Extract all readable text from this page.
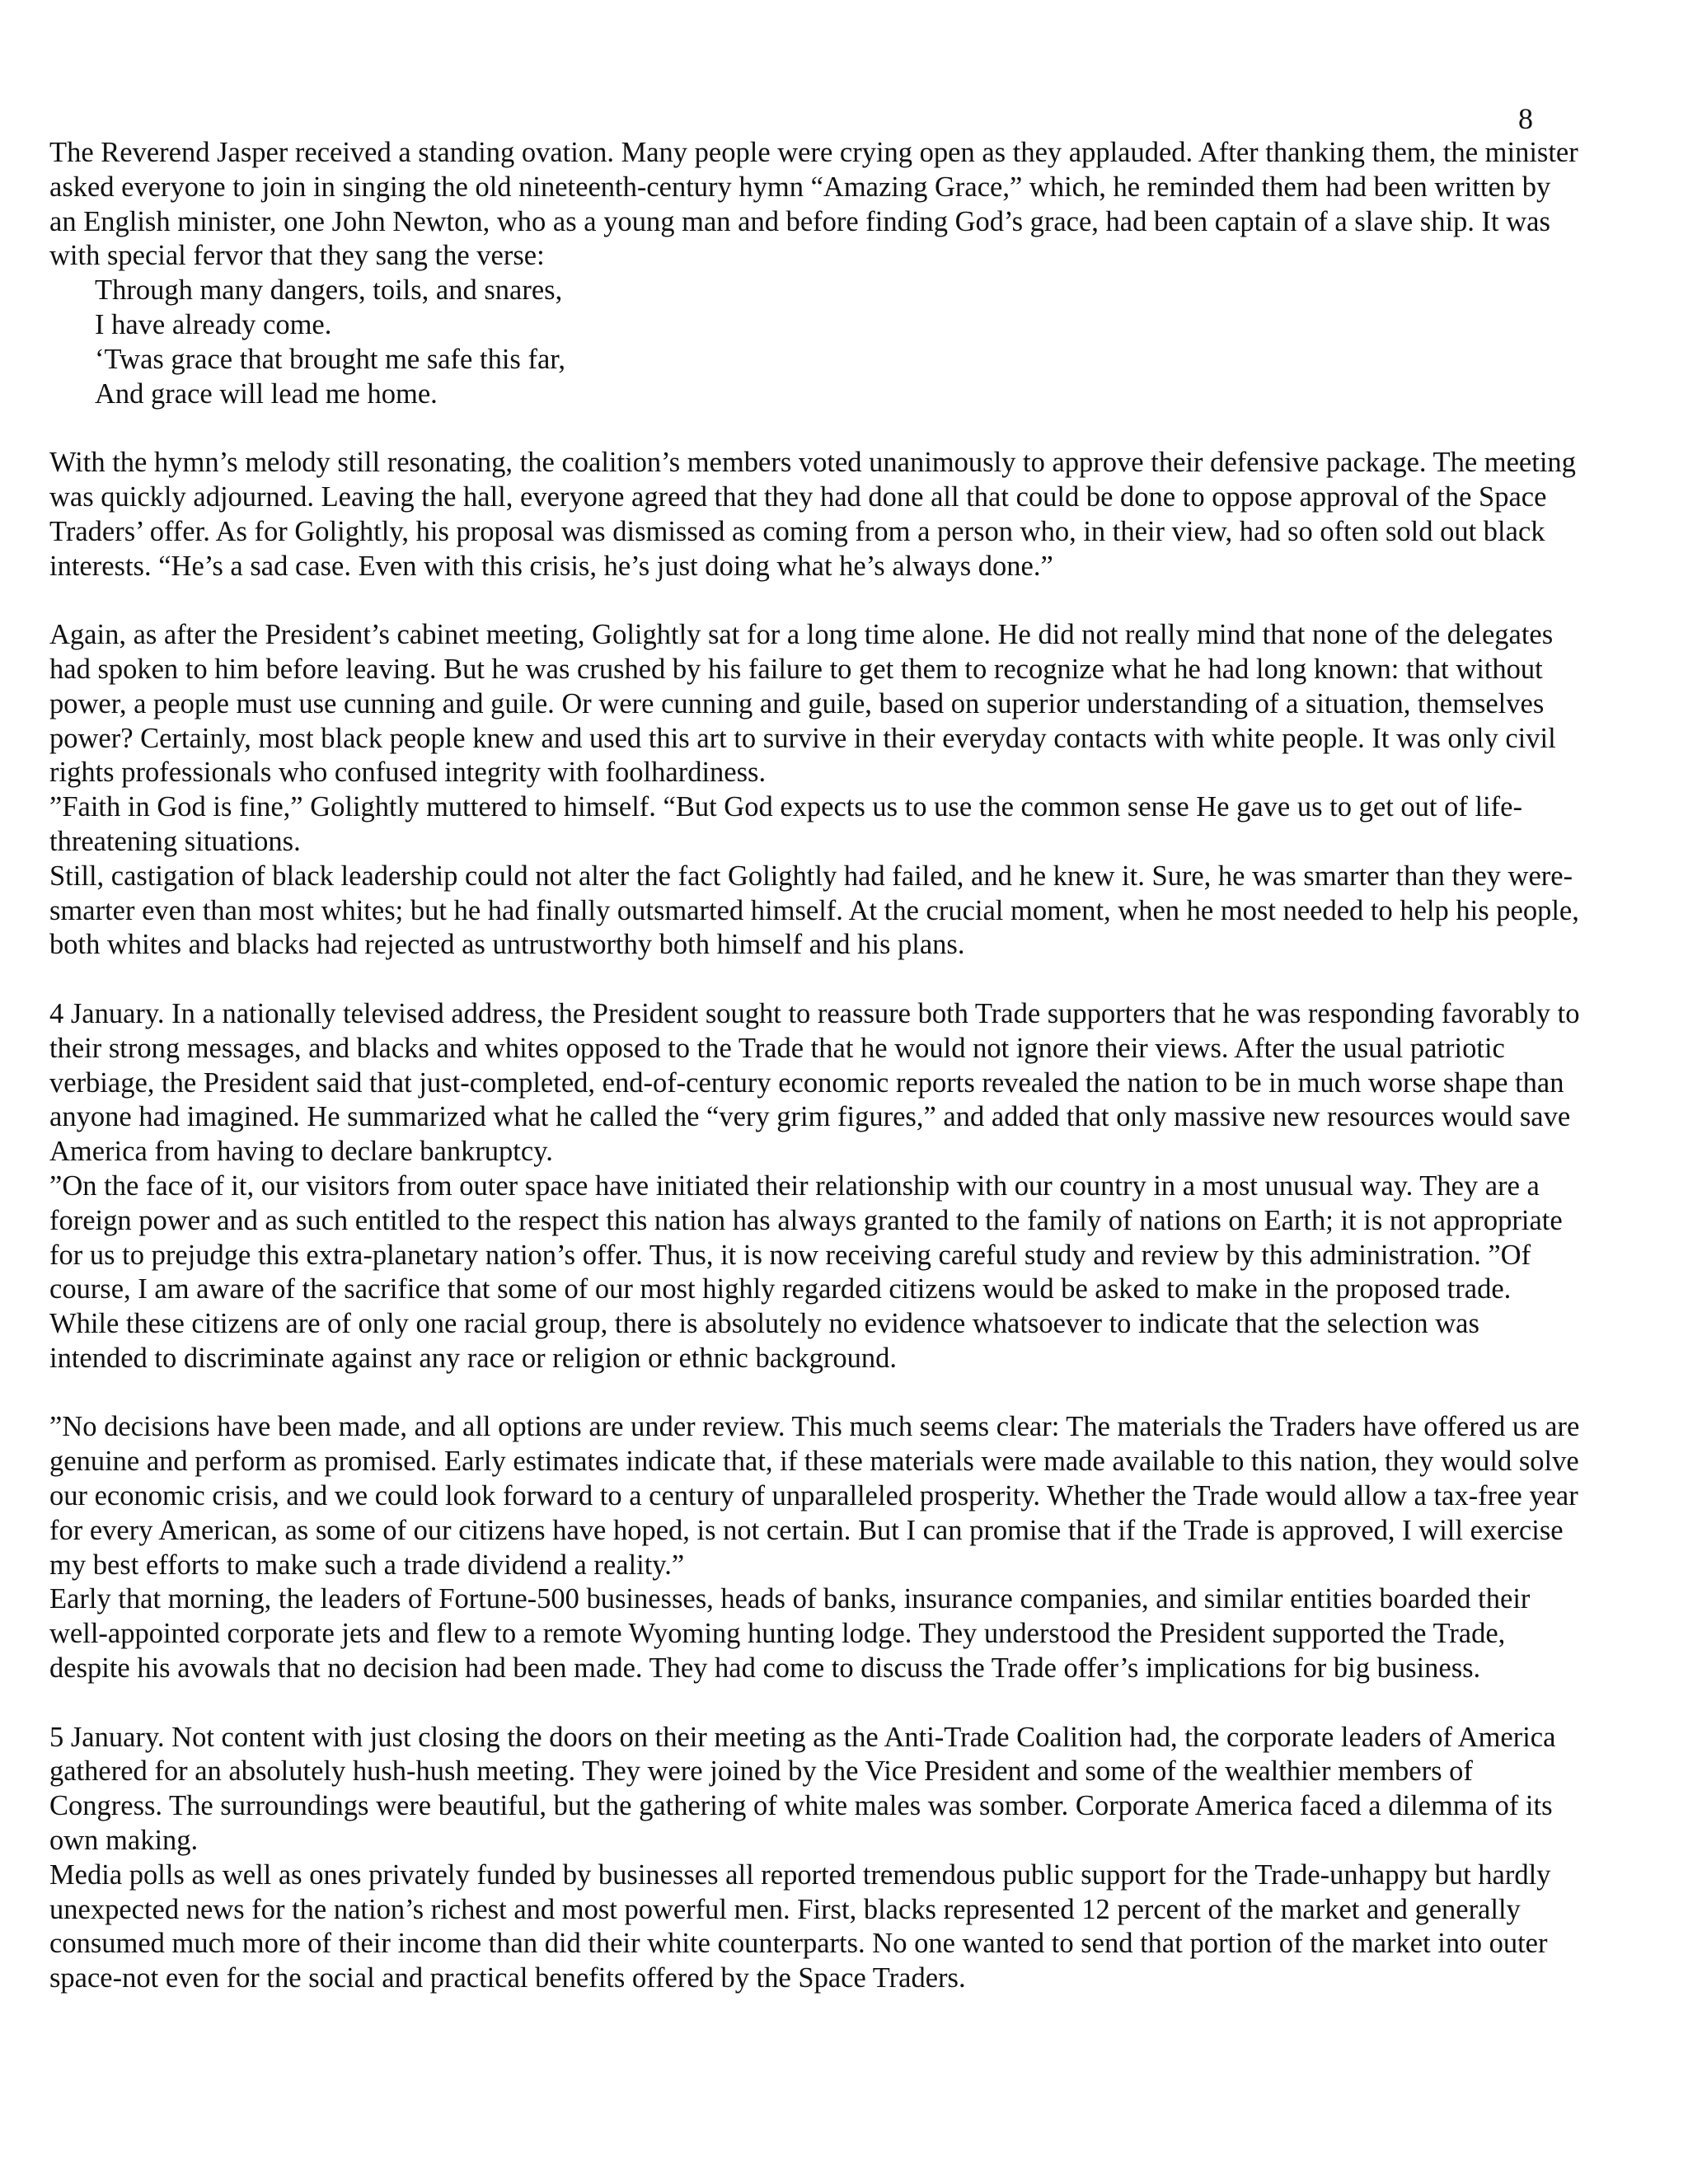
8

The Reverend Jasper received a standing ovation. Many people were crying open as they applauded. After thanking them, the minister asked everyone to join in singing the old nineteenth-century hymn “Amazing Grace,” which, he reminded them had been written by an English minister, one John Newton, who as a young man and before finding God’s grace, had been captain of a slave ship. It was with special fervor that they sang the verse:

Through many dangers, toils, and snares,

I have already come.

‘Twas grace that brought me safe this far,

And grace will lead me home.

With the hymn’s melody still resonating, the coalition’s members voted unanimously to approve their defensive package. The meeting was quickly adjourned. Leaving the hall, everyone agreed that they had done all that could be done to oppose approval of the Space Traders’ offer. As for Golightly, his proposal was dismissed as coming from a person who, in their view, had so often sold out black interests. “He’s a sad case. Even with this crisis, he’s just doing what he’s always done.”

Again, as after the President’s cabinet meeting, Golightly sat for a long time alone. He did not really mind that none of the delegates had spoken to him before leaving. But he was crushed by his failure to get them to recognize what he had long known: that without power, a people must use cunning and guile. Or were cunning and guile, based on superior understanding of a situation, themselves power? Certainly, most black people knew and used this art to survive in their everyday contacts with white people. It was only civil rights professionals who confused integrity with foolhardiness.

”Faith in God is fine,” Golightly muttered to himself. “But God expects us to use the common sense He gave us to get out of life-threatening situations.

Still, castigation of black leadership could not alter the fact Golightly had failed, and he knew it. Sure, he was smarter than they were-smarter even than most whites; but he had finally outsmarted himself. At the crucial moment, when he most needed to help his people, both whites and blacks had rejected as untrustworthy both himself and his plans.

4 January. In a nationally televised address, the President sought to reassure both Trade supporters that he was responding favorably to their strong messages, and blacks and whites opposed to the Trade that he would not ignore their views. After the usual patriotic verbiage, the President said that just-completed, end-of-century economic reports revealed the nation to be in much worse shape than anyone had imagined. He summarized what he called the “very grim figures,” and added that only massive new resources would save America from having to declare bankruptcy.

”On the face of it, our visitors from outer space have initiated their relationship with our country in a most unusual way. They are a foreign power and as such entitled to the respect this nation has always granted to the family of nations on Earth; it is not appropriate for us to prejudge this extra-planetary nation’s offer. Thus, it is now receiving careful study and review by this administration. ”Of course, I am aware of the sacrifice that some of our most highly regarded citizens would be asked to make in the proposed trade. While these citizens are of only one racial group, there is absolutely no evidence whatsoever to indicate that the selection was intended to discriminate against any race or religion or ethnic background.

”No decisions have been made, and all options are under review. This much seems clear: The materials the Traders have offered us are genuine and perform as promised. Early estimates indicate that, if these materials were made available to this nation, they would solve our economic crisis, and we could look forward to a century of unparalleled prosperity. Whether the Trade would allow a tax-free year for every American, as some of our citizens have hoped, is not certain. But I can promise that if the Trade is approved, I will exercise my best efforts to make such a trade dividend a reality.”

Early that morning, the leaders of Fortune-500 businesses, heads of banks, insurance companies, and similar entities boarded their well-appointed corporate jets and flew to a remote Wyoming hunting lodge. They understood the President supported the Trade, despite his avowals that no decision had been made. They had come to discuss the Trade offer’s implications for big business.

5 January. Not content with just closing the doors on their meeting as the Anti-Trade Coalition had, the corporate leaders of America gathered for an absolutely hush-hush meeting. They were joined by the Vice President and some of the wealthier members of Congress. The surroundings were beautiful, but the gathering of white males was somber. Corporate America faced a dilemma of its own making.

Media polls as well as ones privately funded by businesses all reported tremendous public support for the Trade-unhappy but hardly unexpected news for the nation’s richest and most powerful men. First, blacks represented 12 percent of the market and generally consumed much more of their income than did their white counterparts. No one wanted to send that portion of the market into outer space-not even for the social and practical benefits offered by the Space Traders.
